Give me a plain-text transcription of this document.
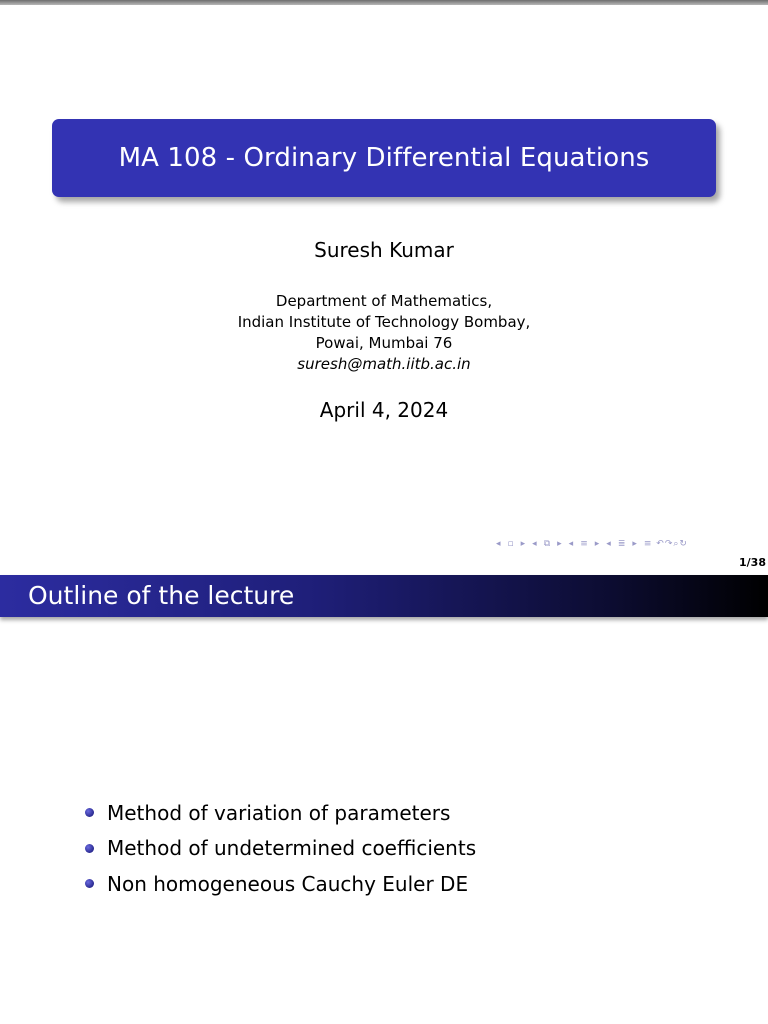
MA 108 - Ordinary Differential Equations
Suresh Kumar
Department of Mathematics,
Indian Institute of Technology Bombay,
Powai, Mumbai 76
suresh@math.iitb.ac.in
April 4, 2024
◂ ▫ ▸ ◂ ⧉ ▸ ◂ ≡ ▸ ◂ ≣ ▸ ≡ ↶↷⌕↻
1/38
Outline of the lecture
Method of variation of parameters
Method of undetermined coefficients
Non homogeneous Cauchy Euler DE
